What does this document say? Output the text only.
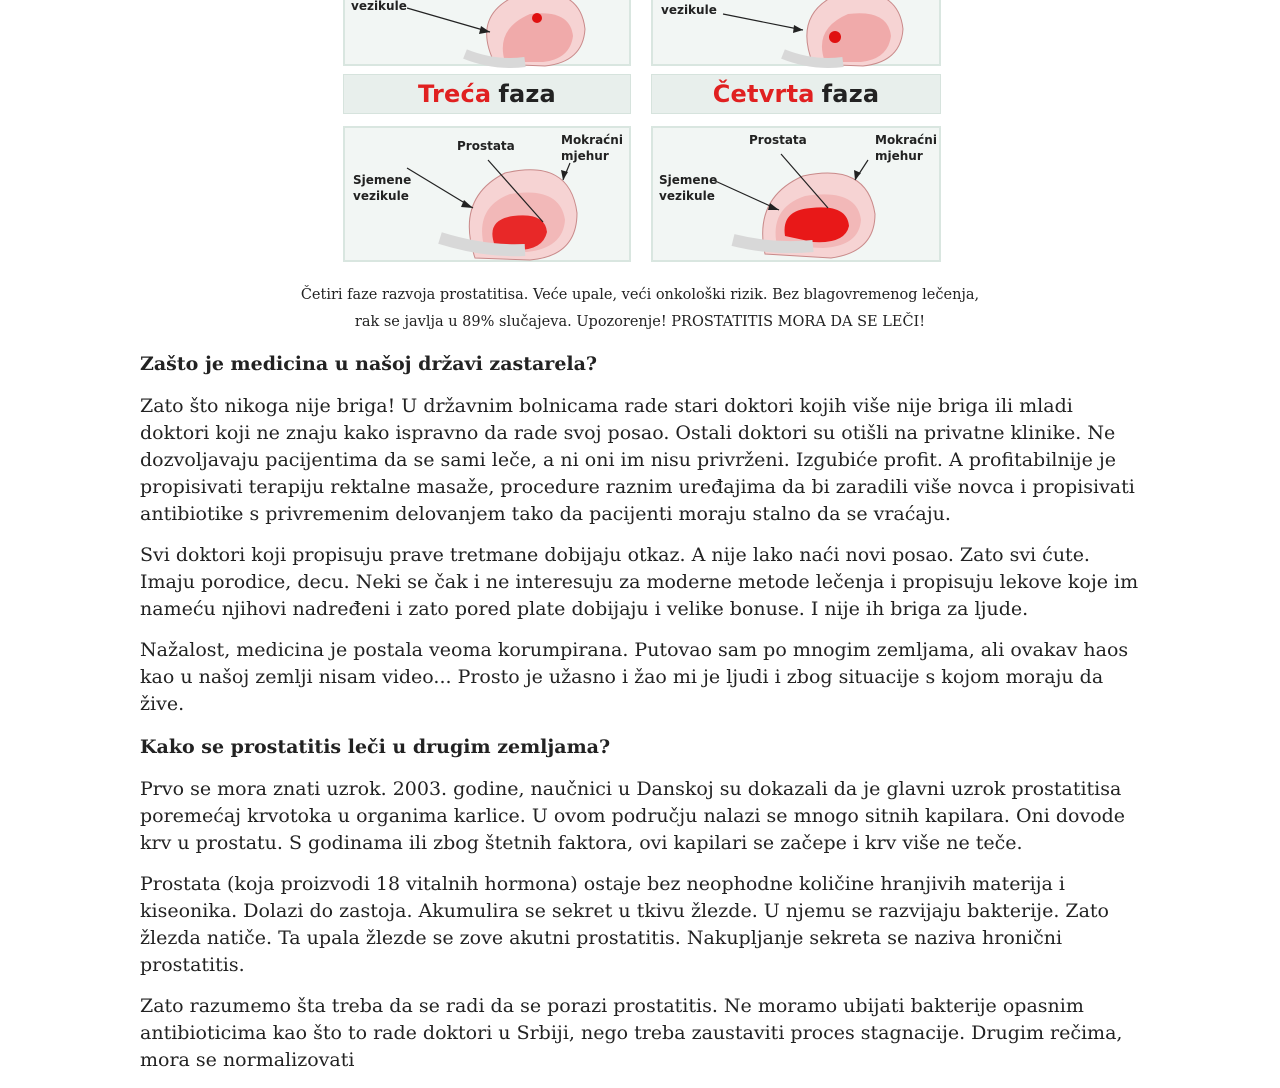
vezikule	vezikule
Treća faza	Četvrta faza
Prostata	Mokraćni
mjehur
Sjemene
vezikule
Prostata	Mokraćni
mjehur
Sjemene
vezikule
Četiri faze razvoja prostatitisa. Veće upale, veći onkološki rizik. Bez blagovremenog lečenja,
rak se javlja u 89% slučajeva. Upozorenje! PROSTATITIS MORA DA SE LEČI!
Zašto je medicina u našoj državi zastarela?

Zato što nikoga nije briga! U državnim bolnicama rade stari doktori kojih više nije briga ili mladi doktori koji ne znaju kako ispravno da rade svoj posao. Ostali doktori su otišli na privatne klinike. Ne dozvoljavaju pacijentima da se sami leče, a ni oni im nisu privrženi. Izgubiće profit. A profitabilnije je propisivati terapiju rektalne masaže, procedure raznim uređajima da bi zaradili više novca i propisivati antibiotike s privremenim delovanjem tako da pacijenti moraju stalno da se vraćaju.

Svi doktori koji propisuju prave tretmane dobijaju otkaz. A nije lako naći novi posao. Zato svi ćute. Imaju porodice, decu. Neki se čak i ne interesuju za moderne metode lečenja i propisuju lekove koje im nameću njihovi nadređeni i zato pored plate dobijaju i velike bonuse. I nije ih briga za ljude.

Nažalost, medicina je postala veoma korumpirana. Putovao sam po mnogim zemljama, ali ovakav haos kao u našoj zemlji nisam video... Prosto je užasno i žao mi je ljudi i zbog situacije s kojom moraju da žive.

Kako se prostatitis leči u drugim zemljama?

Prvo se mora znati uzrok. 2003. godine, naučnici u Danskoj su dokazali da je glavni uzrok prostatitisa poremećaj krvotoka u organima karlice. U ovom području nalazi se mnogo sitnih kapilara. Oni dovode krv u prostatu. S godinama ili zbog štetnih faktora, ovi kapilari se začepe i krv više ne teče.

Prostata (koja proizvodi 18 vitalnih hormona) ostaje bez neophodne količine hranjivih materija i kiseonika. Dolazi do zastoja. Akumulira se sekret u tkivu žlezde. U njemu se razvijaju bakterije. Zato žlezda natiče. Ta upala žlezde se zove akutni prostatitis. Nakupljanje sekreta se naziva hronični prostatitis.

Zato razumemo šta treba da se radi da se porazi prostatitis. Ne moramo ubijati bakterije opasnim antibioticima kao što to rade doktori u Srbiji, nego treba zaustaviti proces stagnacije. Drugim rečima, mora se normalizovati
